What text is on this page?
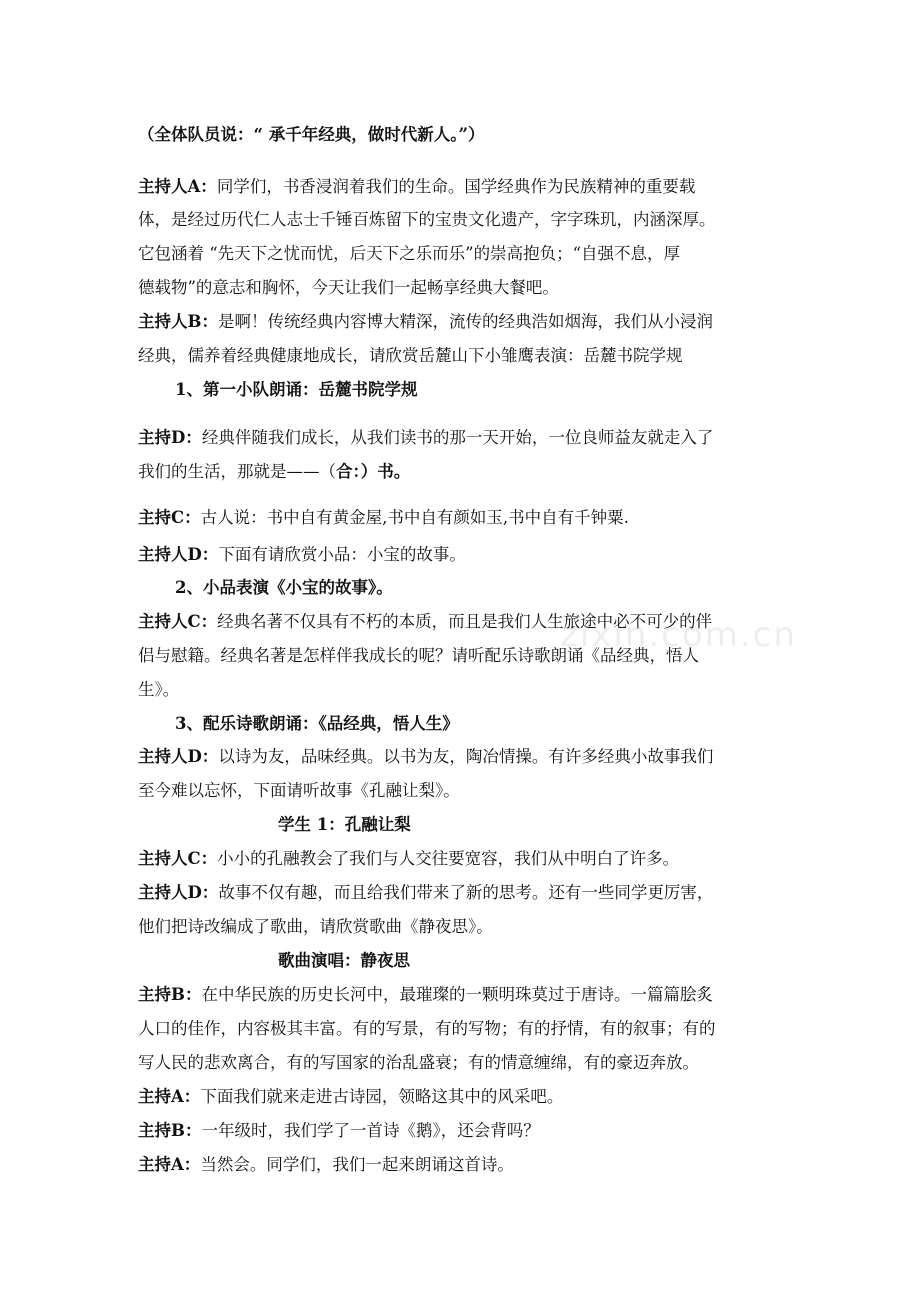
（全体队员说：“ 承千年经典，做时代新人。”）
主持人A：同学们，书香浸润着我们的生命。国学经典作为民族精神的重要载
体，是经过历代仁人志士千锤百炼留下的宝贵文化遗产，字字珠玑，内涵深厚。
它包涵着 “先天下之忧而忧，后天下之乐而乐”的崇高抱负；“自强不息，厚
德载物”的意志和胸怀，今天让我们一起畅享经典大餐吧。
主持人B：是啊！传统经典内容博大精深，流传的经典浩如烟海，我们从小浸润
经典，儒养着经典健康地成长，请欣赏岳麓山下小雏鹰表演：岳麓书院学规
1、第一小队朗诵：岳麓书院学规
主持D：经典伴随我们成长，从我们读书的那一天开始，一位良师益友就走入了
我们的生活，那就是——（合：）书。
主持C：古人说：书中自有黄金屋,书中自有颜如玉,书中自有千钟粟.
主持人D：下面有请欣赏小品：小宝的故事。
2、小品表演《小宝的故事》。
主持人C：经典名著不仅具有不朽的本质，而且是我们人生旅途中必不可少的伴
侣与慰籍。经典名著是怎样伴我成长的呢？请听配乐诗歌朗诵《品经典，悟人
生》。
3、配乐诗歌朗诵：《品经典，悟人生》
主持人D：以诗为友，品味经典。以书为友，陶冶情操。有许多经典小故事我们
至今难以忘怀，下面请听故事《孔融让梨》。
学生 1：孔融让梨
主持人C：小小的孔融教会了我们与人交往要宽容，我们从中明白了许多。
主持人D：故事不仅有趣，而且给我们带来了新的思考。还有一些同学更厉害，
他们把诗改编成了歌曲，请欣赏歌曲《静夜思》。
歌曲演唱：静夜思
主持B：在中华民族的历史长河中，最璀璨的一颗明珠莫过于唐诗。一篇篇脍炙
人口的佳作，内容极其丰富。有的写景，有的写物；有的抒情，有的叙事；有的
写人民的悲欢离合，有的写国家的治乱盛衰；有的情意缠绵，有的豪迈奔放。
主持A：下面我们就来走进古诗园，领略这其中的风采吧。
主持B：一年级时，我们学了一首诗《鹅》，还会背吗？
主持A：当然会。同学们，我们一起来朗诵这首诗。
zixin.com.cn
